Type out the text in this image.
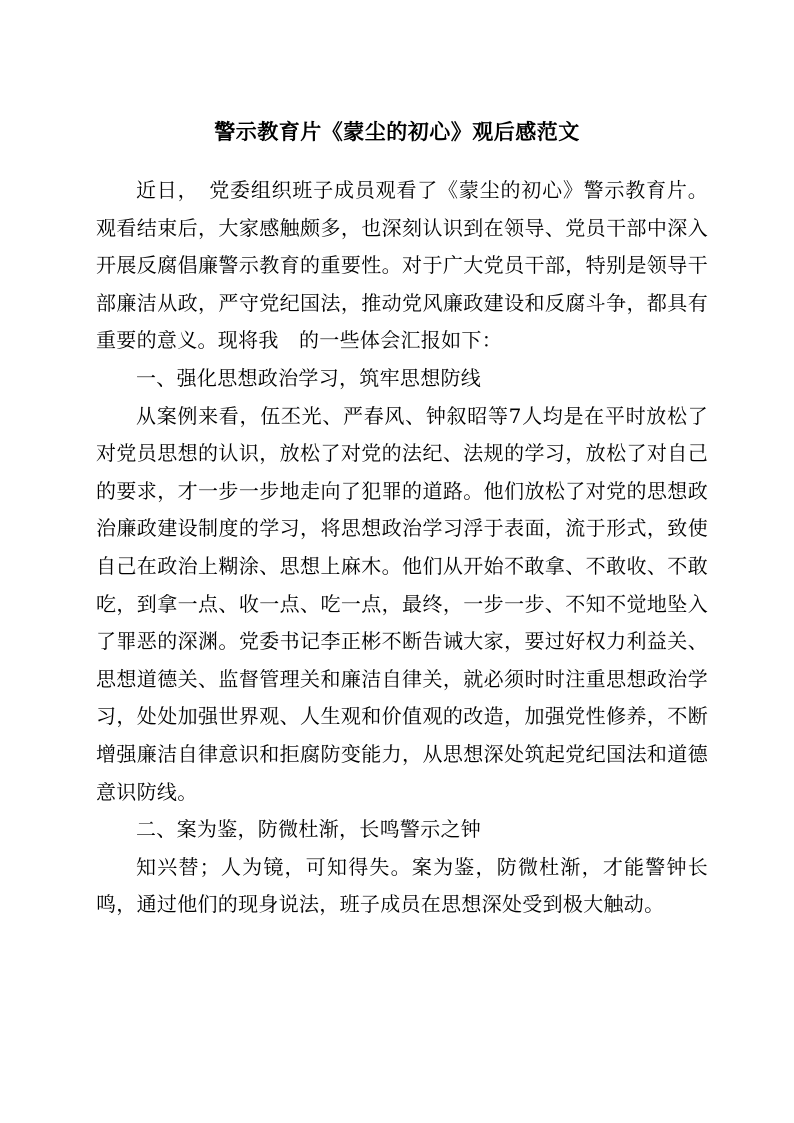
警示教育片《蒙尘的初心》观后感范文

近日，　党委组织班子成员观看了《蒙尘的初心》警示教育片。观看结束后，大家感触颇多，也深刻认识到在领导、党员干部中深入开展反腐倡廉警示教育的重要性。对于广大党员干部，特别是领导干部廉洁从政，严守党纪国法，推动党风廉政建设和反腐斗争，都具有重要的意义。现将我　的一些体会汇报如下：

一、强化思想政治学习，筑牢思想防线

从案例来看，伍丕光、严春风、钟叙昭等7人均是在平时放松了对党员思想的认识，放松了对党的法纪、法规的学习，放松了对自己的要求，才一步一步地走向了犯罪的道路。他们放松了对党的思想政治廉政建设制度的学习，将思想政治学习浮于表面，流于形式，致使自己在政治上糊涂、思想上麻木。他们从开始不敢拿、不敢收、不敢吃，到拿一点、收一点、吃一点，最终，一步一步、不知不觉地坠入了罪恶的深渊。党委书记李正彬不断告诫大家，要过好权力利益关、思想道德关、监督管理关和廉洁自律关，就必须时时注重思想政治学习，处处加强世界观、人生观和价值观的改造，加强党性修养，不断增强廉洁自律意识和拒腐防变能力，从思想深处筑起党纪国法和道德意识防线。

二、案为鉴，防微杜渐，长鸣警示之钟

知兴替；人为镜，可知得失。案为鉴，防微杜渐，才能警钟长鸣，通过他们的现身说法，班子成员在思想深处受到极大触动。
